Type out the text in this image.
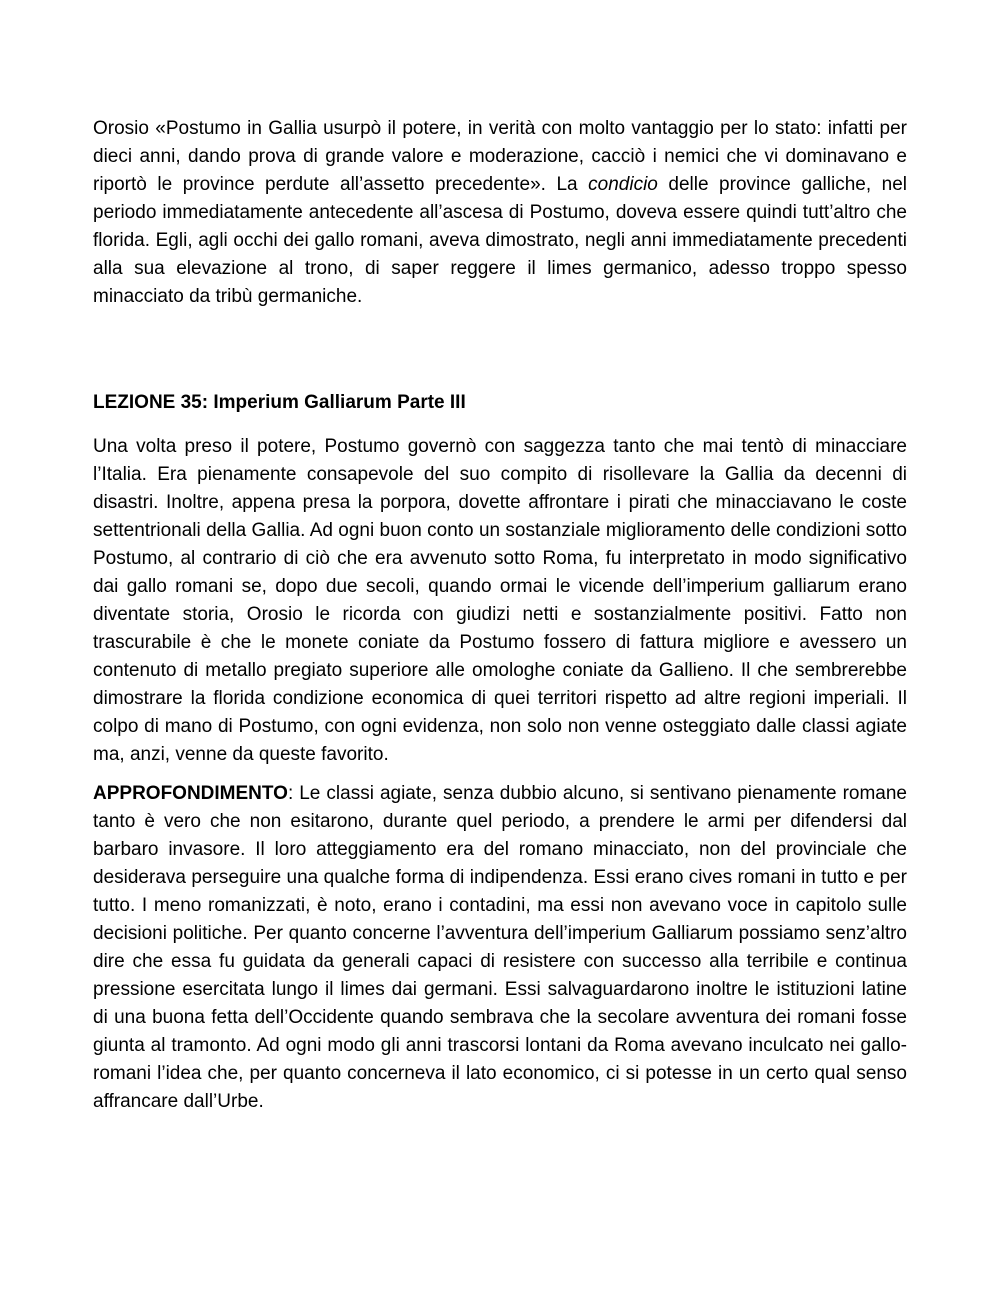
Orosio «Postumo in Gallia usurpò il potere, in verità con molto vantaggio per lo stato: infatti per dieci anni, dando prova di grande valore e moderazione, cacciò i nemici che vi dominavano e riportò le province perdute all’assetto precedente». La condicio delle province galliche, nel periodo immediatamente antecedente all’ascesa di Postumo, doveva essere quindi tutt’altro che florida. Egli, agli occhi dei gallo romani, aveva dimostrato, negli anni immediatamente precedenti alla sua elevazione al trono, di saper reggere il limes germanico, adesso troppo spesso minacciato da tribù germaniche.

LEZIONE 35: Imperium Galliarum Parte III

Una volta preso il potere, Postumo governò con saggezza tanto che mai tentò di minacciare l’Italia. Era pienamente consapevole del suo compito di risollevare la Gallia da decenni di disastri. Inoltre, appena presa la porpora, dovette affrontare i pirati che minacciavano le coste settentrionali della Gallia. Ad ogni buon conto un sostanziale miglioramento delle condizioni sotto Postumo, al contrario di ciò che era avvenuto sotto Roma, fu interpretato in modo significativo dai gallo romani se, dopo due secoli, quando ormai le vicende dell’imperium galliarum erano diventate storia, Orosio le ricorda con giudizi netti e sostanzialmente positivi. Fatto non trascurabile è che le monete coniate da Postumo fossero di fattura migliore e avessero un contenuto di metallo pregiato superiore alle omologhe coniate da Gallieno. Il che sembrerebbe dimostrare la florida condizione economica di quei territori rispetto ad altre regioni imperiali. Il colpo di mano di Postumo, con ogni evidenza, non solo non venne osteggiato dalle classi agiate ma, anzi, venne da queste favorito.

APPROFONDIMENTO: Le classi agiate, senza dubbio alcuno, si sentivano pienamente romane tanto è vero che non esitarono, durante quel periodo, a prendere le armi per difendersi dal barbaro invasore. Il loro atteggiamento era del romano minacciato, non del provinciale che desiderava perseguire una qualche forma di indipendenza. Essi erano cives romani in tutto e per tutto. I meno romanizzati, è noto, erano i contadini, ma essi non avevano voce in capitolo sulle decisioni politiche. Per quanto concerne l’avventura dell’imperium Galliarum possiamo senz’altro dire che essa fu guidata da generali capaci di resistere con successo alla terribile e continua pressione esercitata lungo il limes dai germani. Essi salvaguardarono inoltre le istituzioni latine di una buona fetta dell’Occidente quando sembrava che la secolare avventura dei romani fosse giunta al tramonto. Ad ogni modo gli anni trascorsi lontani da Roma avevano inculcato nei gallo-romani l’idea che, per quanto concerneva il lato economico, ci si potesse in un certo qual senso affrancare dall’Urbe.
